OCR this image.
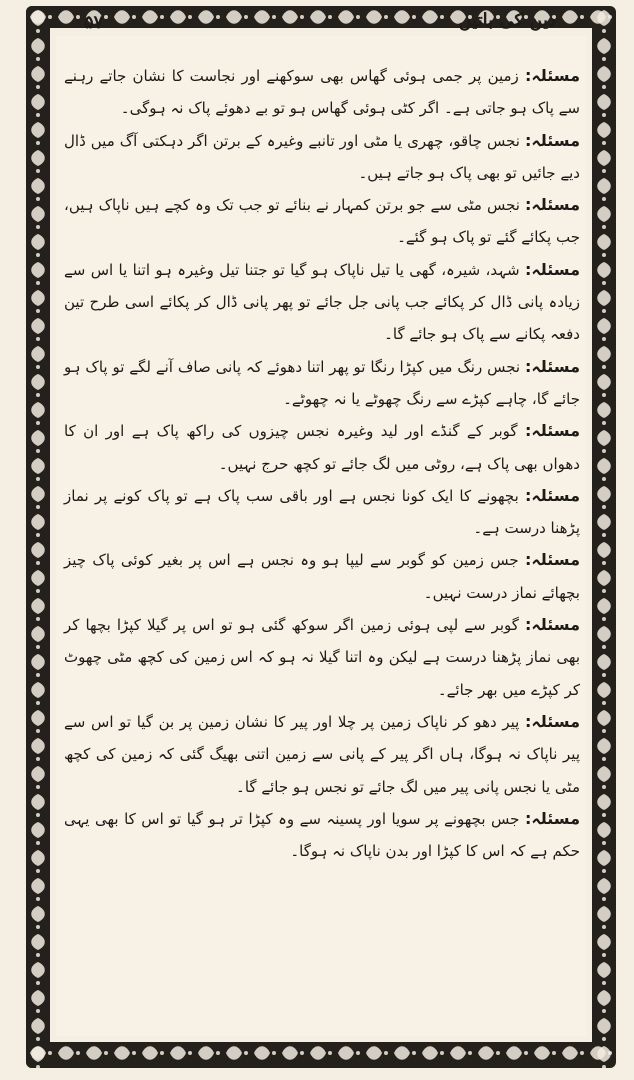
۵۷	دین کی باتیں

مسئلہ: زمین پر جمی ہوئی گھاس بھی سوکھنے اور نجاست کا نشان جاتے رہنے سے پاک ہو جاتی ہے۔ اگر کٹی ہوئی گھاس ہو تو بے دھوئے پاک نہ ہوگی۔

مسئلہ: نجس چاقو، چھری یا مٹی اور تانبے وغیرہ کے برتن اگر دہکتی آگ میں ڈال دیے جائیں تو بھی پاک ہو جاتے ہیں۔

مسئلہ: نجس مٹی سے جو برتن کمہار نے بنائے تو جب تک وہ کچے ہیں ناپاک ہیں، جب پکائے گئے تو پاک ہو گئے۔

مسئلہ: شہد، شیرہ، گھی یا تیل ناپاک ہو گیا تو جتنا تیل وغیرہ ہو اتنا یا اس سے زیادہ پانی ڈال کر پکائے جب پانی جل جائے تو پھر پانی ڈال کر پکائے اسی طرح تین دفعہ پکانے سے پاک ہو جائے گا۔

مسئلہ: نجس رنگ میں کپڑا رنگا تو پھر اتنا دھوئے کہ پانی صاف آنے لگے تو پاک ہو جائے گا، چاہے کپڑے سے رنگ چھوٹے یا نہ چھوٹے۔

مسئلہ: گوبر کے گنڈے اور لید وغیرہ نجس چیزوں کی راکھ پاک ہے اور ان کا دھواں بھی پاک ہے، روٹی میں لگ جائے تو کچھ حرج نہیں۔

مسئلہ: بچھونے کا ایک کونا نجس ہے اور باقی سب پاک ہے تو پاک کونے پر نماز پڑھنا درست ہے۔

مسئلہ: جس زمین کو گوبر سے لیپا ہو وہ نجس ہے اس پر بغیر کوئی پاک چیز بچھائے نماز درست نہیں۔

مسئلہ: گوبر سے لپی ہوئی زمین اگر سوکھ گئی ہو تو اس پر گیلا کپڑا بچھا کر بھی نماز پڑھنا درست ہے لیکن وہ اتنا گیلا نہ ہو کہ اس زمین کی کچھ مٹی چھوٹ کر کپڑے میں بھر جائے۔

مسئلہ: پیر دھو کر ناپاک زمین پر چلا اور پیر کا نشان زمین پر بن گیا تو اس سے پیر ناپاک نہ ہوگا، ہاں اگر پیر کے پانی سے زمین اتنی بھیگ گئی کہ زمین کی کچھ مٹی یا نجس پانی پیر میں لگ جائے تو نجس ہو جائے گا۔

مسئلہ: جس بچھونے پر سویا اور پسینہ سے وہ کپڑا تر ہو گیا تو اس کا بھی یہی حکم ہے کہ اس کا کپڑا اور بدن ناپاک نہ ہوگا۔
